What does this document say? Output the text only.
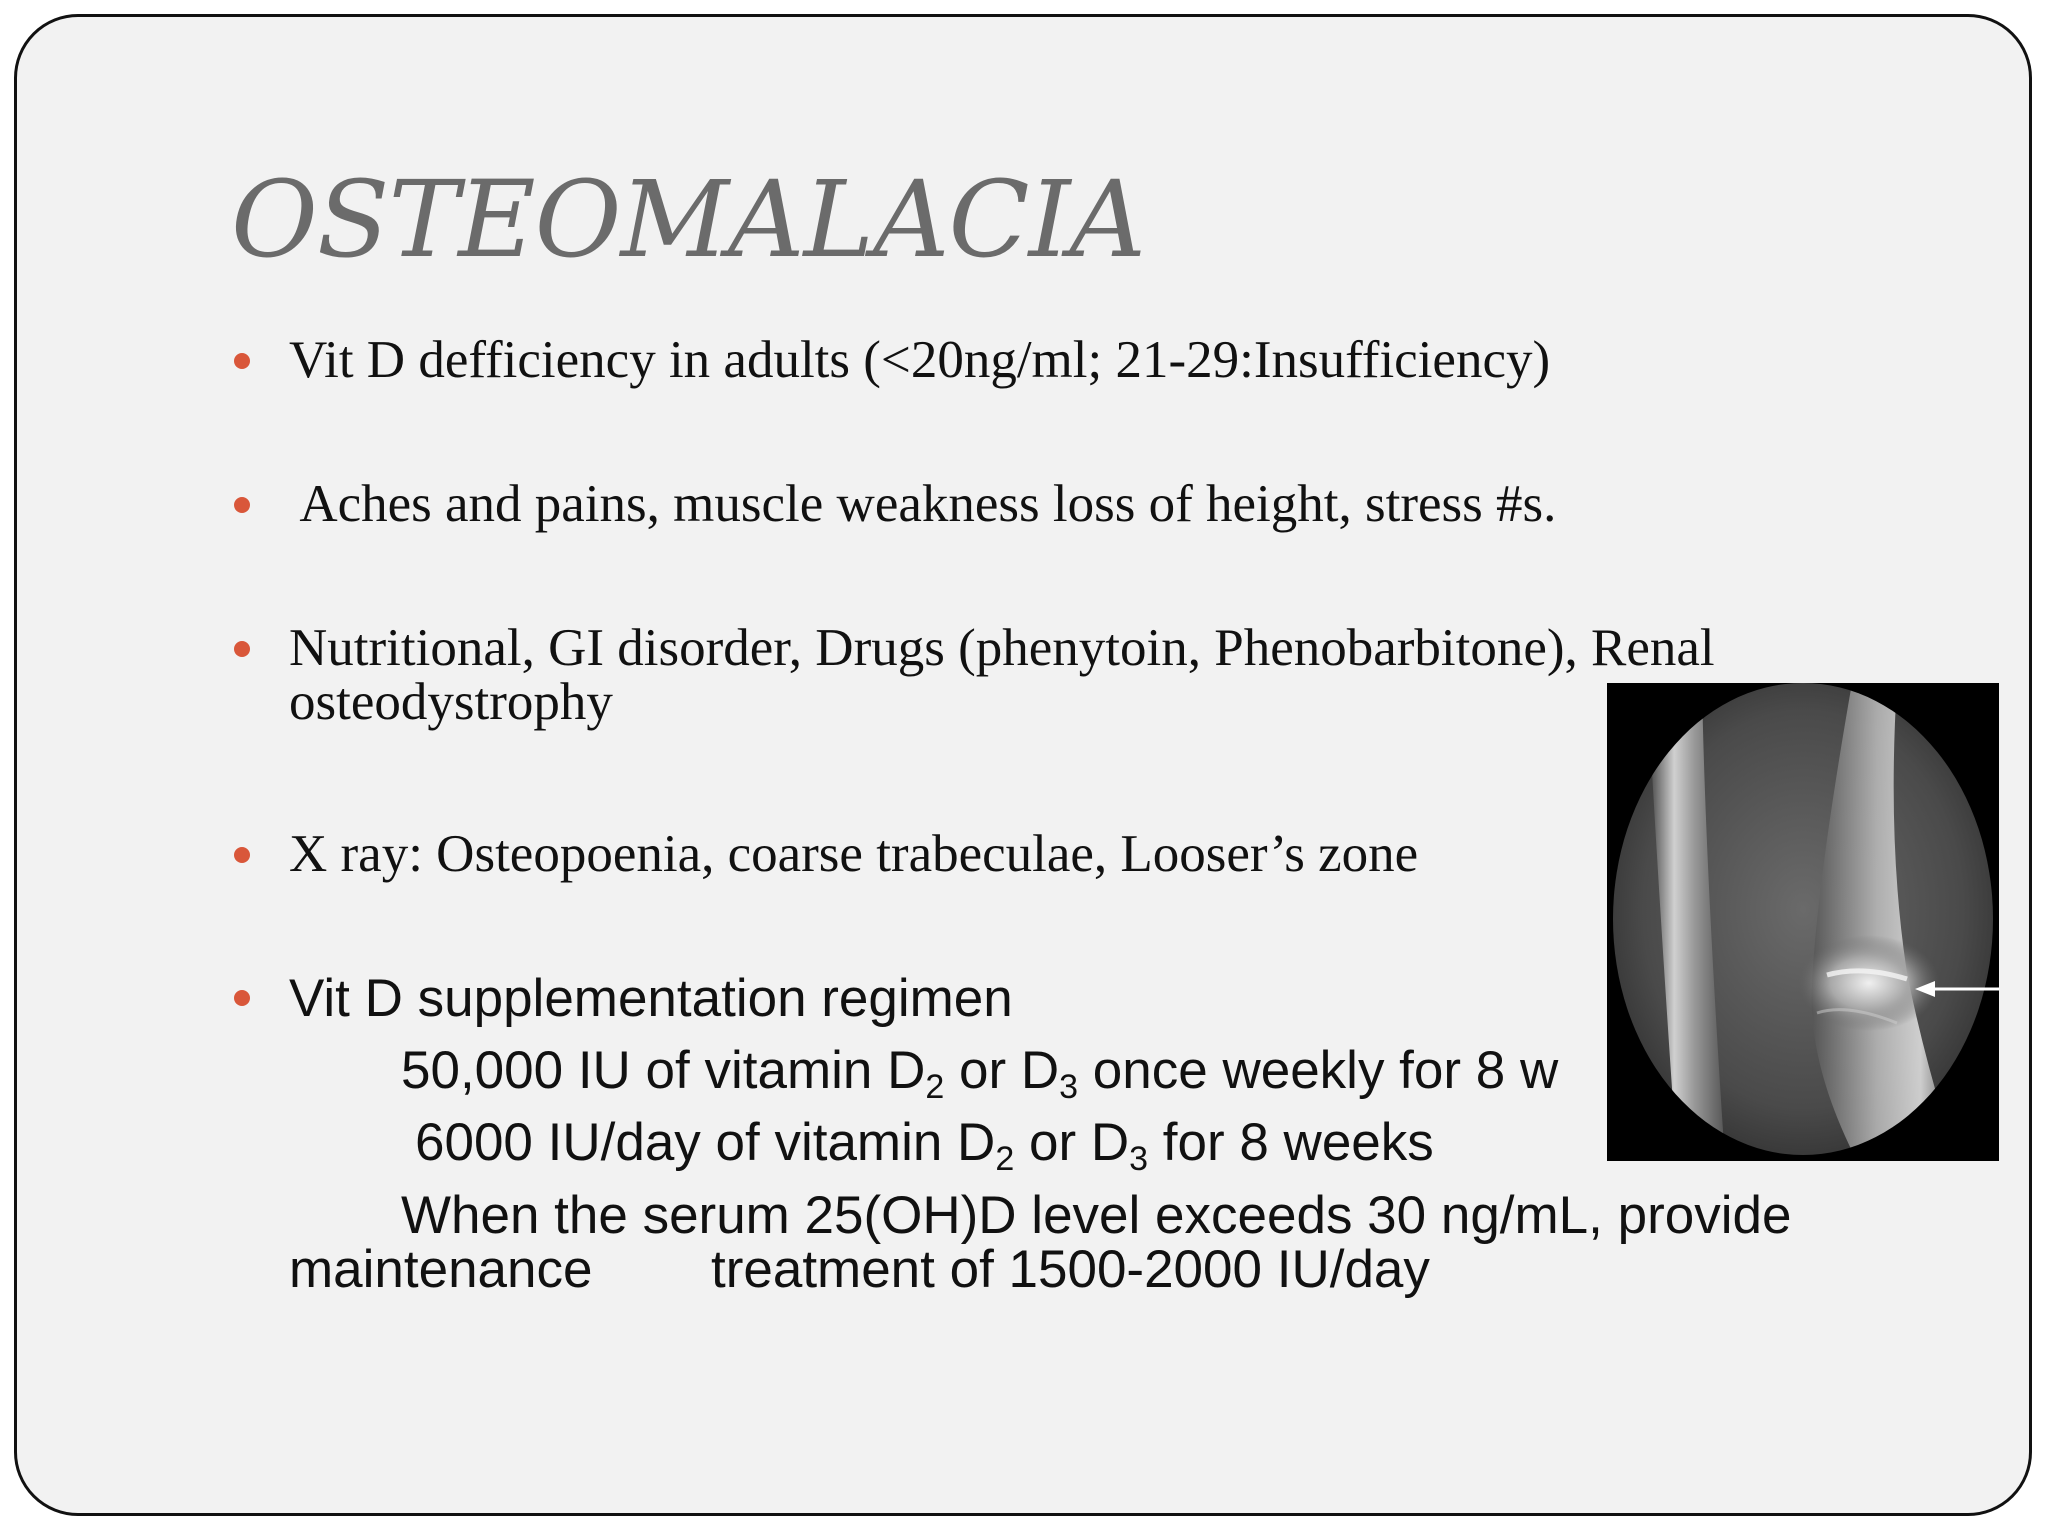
OSTEOMALACIA

Vit D defficiency in adults (<20ng/ml; 21-29:Insufficiency)

Aches and pains, muscle weakness loss of height, stress #s.

Nutritional, GI disorder, Drugs (phenytoin, Phenobarbitone), Renal

osteodystrophy

X ray: Osteopoenia, coarse trabeculae, Looser’s zone

Vit D supplementation regimen

50,000 IU of vitamin $D_2$ or $D_3$ once weekly for 8 w

6000 IU/day of vitamin $D_2$ or $D_3$ for 8 weeks

When the serum 25(OH)D level exceeds 30 ng/mL, provide

maintenance treatment of 1500-2000 IU/day
